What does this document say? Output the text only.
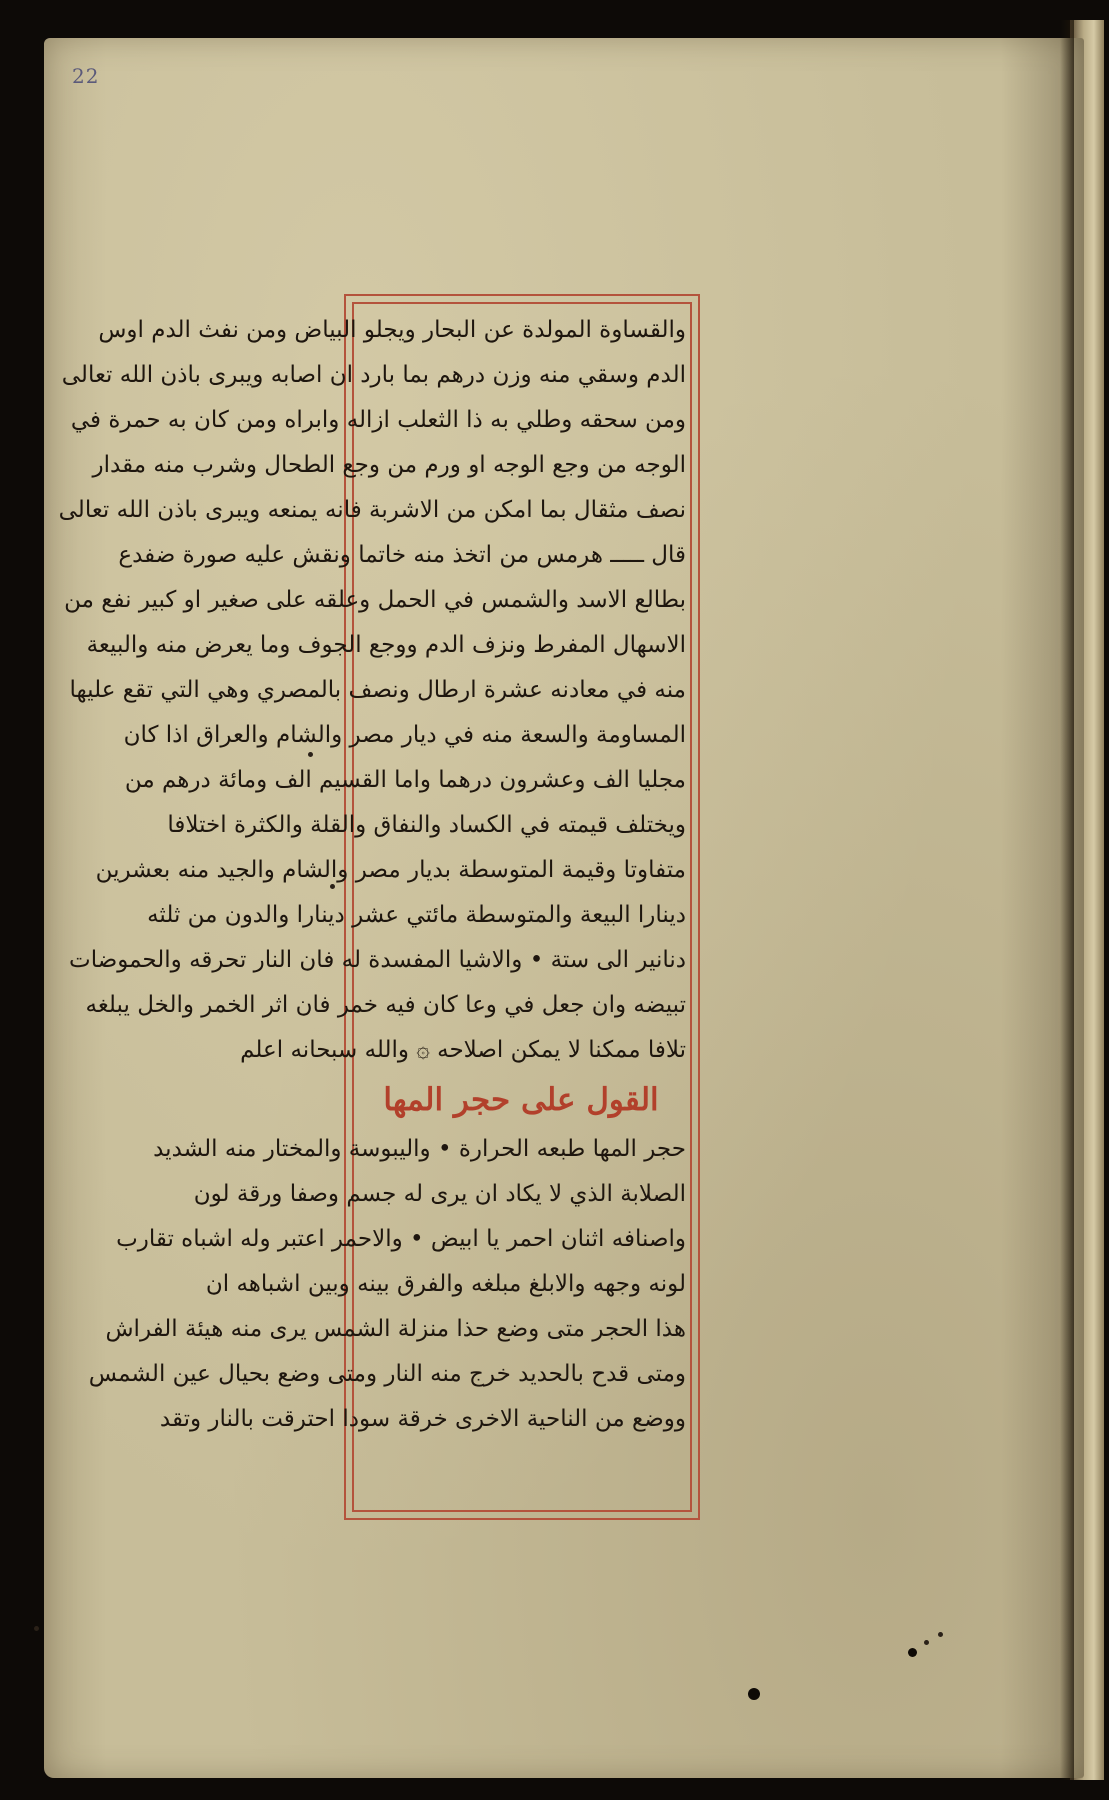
22
والقساوة المولدة عن البحار ويجلو البياض ومن نفث الدم اوس
الدم وسقي منه وزن درهم بما بارد ان اصابه ويبرى باذن الله تعالى
ومن سحقه وطلي به ذا الثعلب ازاله وابراه ومن كان به حمرة في
الوجه من وجع الوجه او ورم من وجع الطحال وشرب منه مقدار
نصف مثقال بما امكن من الاشربة فانه يمنعه ويبرى باذن الله تعالى
قال ـــــ هرمس من اتخذ منه خاتما ونقش عليه صورة ضفدع
بطالع الاسد والشمس في الحمل وعلقه على صغير او كبير نفع من
الاسهال المفرط ونزف الدم ووجع الجوف وما يعرض منه والبيعة
منه في معادنه عشرة ارطال ونصف بالمصري وهي التي تقع عليها
المساومة والسعة منه في ديار مصر والشام والعراق اذا كان
مجليا الف وعشرون درهما واما القسيم الف ومائة درهم من
ويختلف قيمته في الكساد والنفاق والقلة والكثرة اختلافا
متفاوتا وقيمة المتوسطة بديار مصر والشام والجيد منه بعشرين
دينارا البيعة والمتوسطة مائتي عشر دينارا والدون من ثلثه
دنانير الى ستة • والاشيا المفسدة له فان النار تحرقه والحموضات
تبيضه وان جعل في وعا كان فيه خمر فان اثر الخمر والخل يبلغه
تلافا ممكنا لا يمكن اصلاحه ۞ والله سبحانه اعلم
القول على حجر المها
حجر المها طبعه الحرارة • واليبوسة والمختار منه الشديد
الصلابة الذي لا يكاد ان يرى له جسم وصفا ورقة لون
واصنافه اثنان احمر يا ابيض • والاحمر اعتبر وله اشباه تقارب
لونه وجهه والابلغ مبلغه والفرق بينه وبين اشباهه ان
هذا الحجر متى وضع حذا منزلة الشمس يرى منه هيئة الفراش
ومتى قدح بالحديد خرج منه النار ومتى وضع بحيال عين الشمس
ووضع من الناحية الاخرى خرقة سودا احترقت بالنار وتقد
